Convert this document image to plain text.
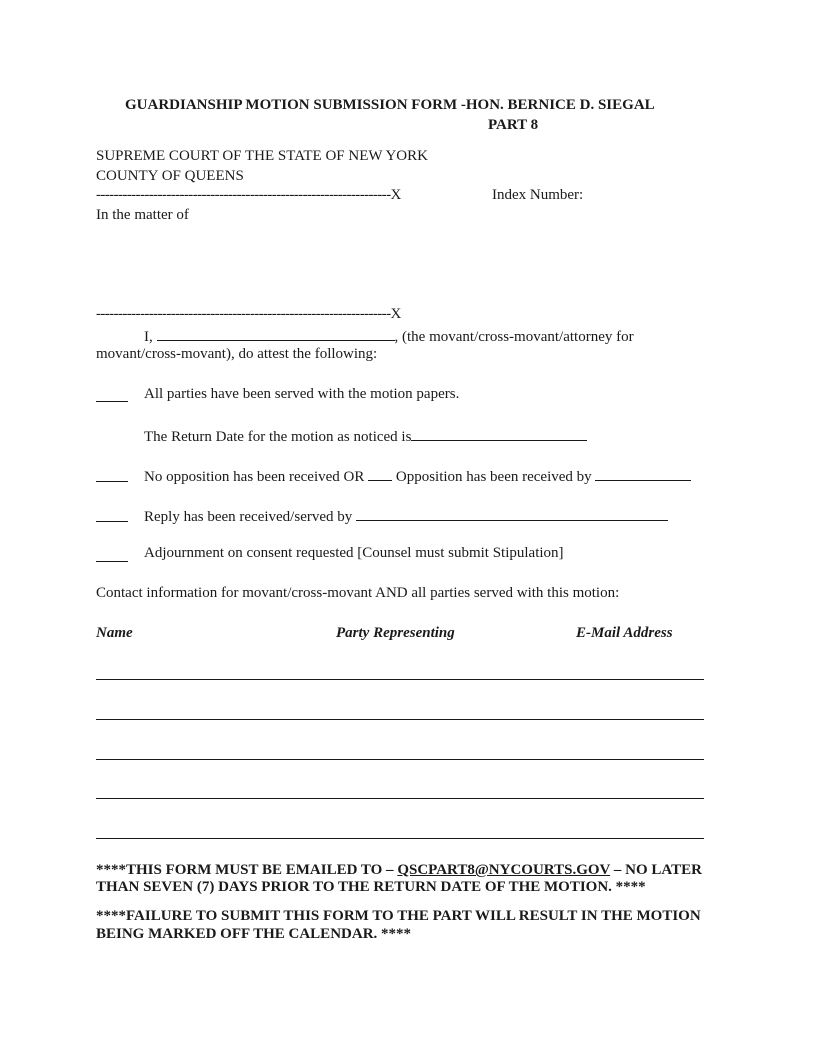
GUARDIANSHIP MOTION SUBMISSION FORM -HON. BERNICE D. SIEGAL
PART 8
SUPREME COURT OF THE STATE OF NEW YORK
COUNTY OF QUEENS
-------------------------------------------------------------------X	Index Number:
In the matter of
-------------------------------------------------------------------X
I,	, (the movant/cross-movant/attorney for
movant/cross-movant), do attest the following:
All parties have been served with the motion papers.
The Return Date for the motion as noticed is
No opposition has been received OR Opposition has been received by
Reply has been received/served by
Adjournment on consent requested [Counsel must submit Stipulation]
Contact information for movant/cross-movant AND all parties served with this motion:
Name	Party Representing	E-Mail Address
****THIS FORM MUST BE EMAILED TO – QSCPART8@NYCOURTS.GOV – NO LATER
THAN SEVEN (7) DAYS PRIOR TO THE RETURN DATE OF THE MOTION. ****
****FAILURE TO SUBMIT THIS FORM TO THE PART WILL RESULT IN THE MOTION
BEING MARKED OFF THE CALENDAR. ****
